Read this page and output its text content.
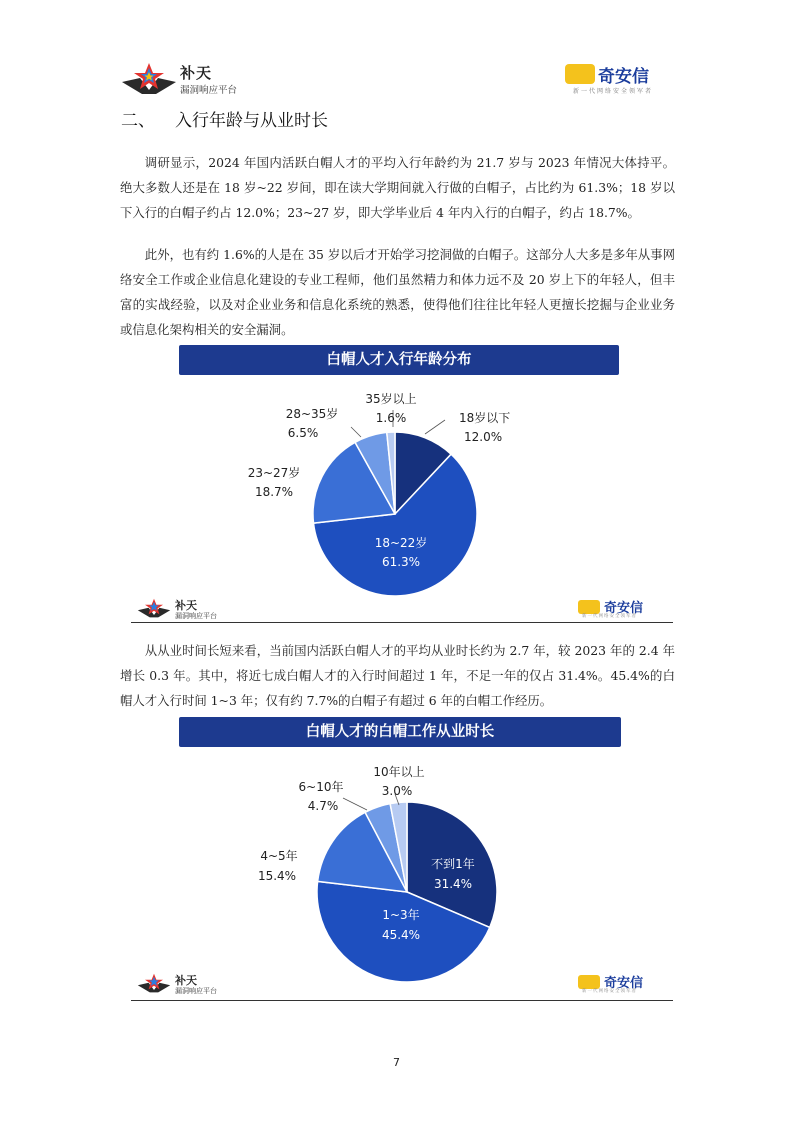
补天
漏洞响应平台
奇安信
新一代网络安全领军者
二、 入行年龄与从业时长

调研显示，2024 年国内活跃白帽人才的平均入行年龄约为 21.7 岁与 2023 年情况大体持平。绝大多数人还是在 18 岁~22 岁间，即在读大学期间就入行做的白帽子，占比约为 61.3%；18 岁以下入行的白帽子约占 12.0%；23~27 岁，即大学毕业后 4 年内入行的白帽子，约占 18.7%。

此外，也有约 1.6%的人是在 35 岁以后才开始学习挖洞做的白帽子。这部分人大多是多年从事网络安全工作或企业信息化建设的专业工程师，他们虽然精力和体力远不及 20 岁上下的年轻人，但丰富的实战经验，以及对企业业务和信息化系统的熟悉，使得他们往往比年轻人更擅长挖掘与企业业务或信息化架构相关的安全漏洞。

白帽人才入行年龄分布
18岁以下
12.0%
18~22岁
61.3%
23~27岁
18.7%
28~35岁
6.5%
35岁以上
1.6%
补天
漏洞响应平台	奇安信
新一代网络安全领军者

从从业时间长短来看，当前国内活跃白帽人才的平均从业时长约为 2.7 年，较 2023 年的 2.4 年增长 0.3 年。其中，将近七成白帽人才的入行时间超过 1 年，不足一年的仅占 31.4%。45.4%的白帽人才入行时间 1~3 年；仅有约 7.7%的白帽子有超过 6 年的白帽工作经历。

白帽人才的白帽工作从业时长
不到1年
31.4%
1~3年
45.4%
4~5年
15.4%
6~10年
4.7%
10年以上
3.0%
补天
漏洞响应平台	奇安信
新一代网络安全领军者
7
